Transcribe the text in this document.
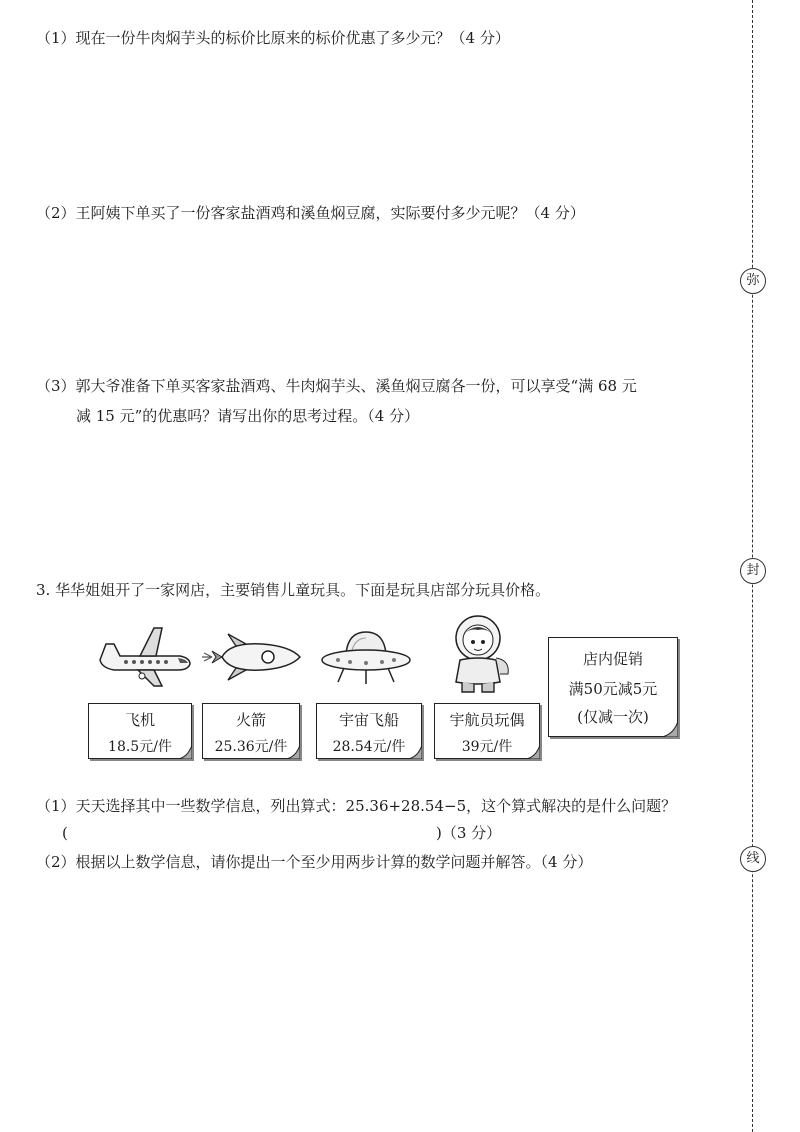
（1）现在一份牛肉焖芋头的标价比原来的标价优惠了多少元？（4 分）
（2）王阿姨下单买了一份客家盐酒鸡和溪鱼焖豆腐，实际要付多少元呢？（4 分）
（3）郭大爷准备下单买客家盐酒鸡、牛肉焖芋头、溪鱼焖豆腐各一份，可以享受“满 68 元
减 15 元”的优惠吗？请写出你的思考过程。（4 分）
3. 华华姐姐开了一家网店，主要销售儿童玩具。下面是玩具店部分玩具价格。
飞机
18.5元/件
火箭
25.36元/件
宇宙飞船
28.54元/件
宇航员玩偶
39元/件
店内促销
满50元减5元
(仅减一次)
（1）天天选择其中一些数学信息，列出算式：25.36+28.54−5，这个算式解决的是什么问题？
(	)（3 分）
（2）根据以上数学信息，请你提出一个至少用两步计算的数学问题并解答。（4 分）
弥
封
线
